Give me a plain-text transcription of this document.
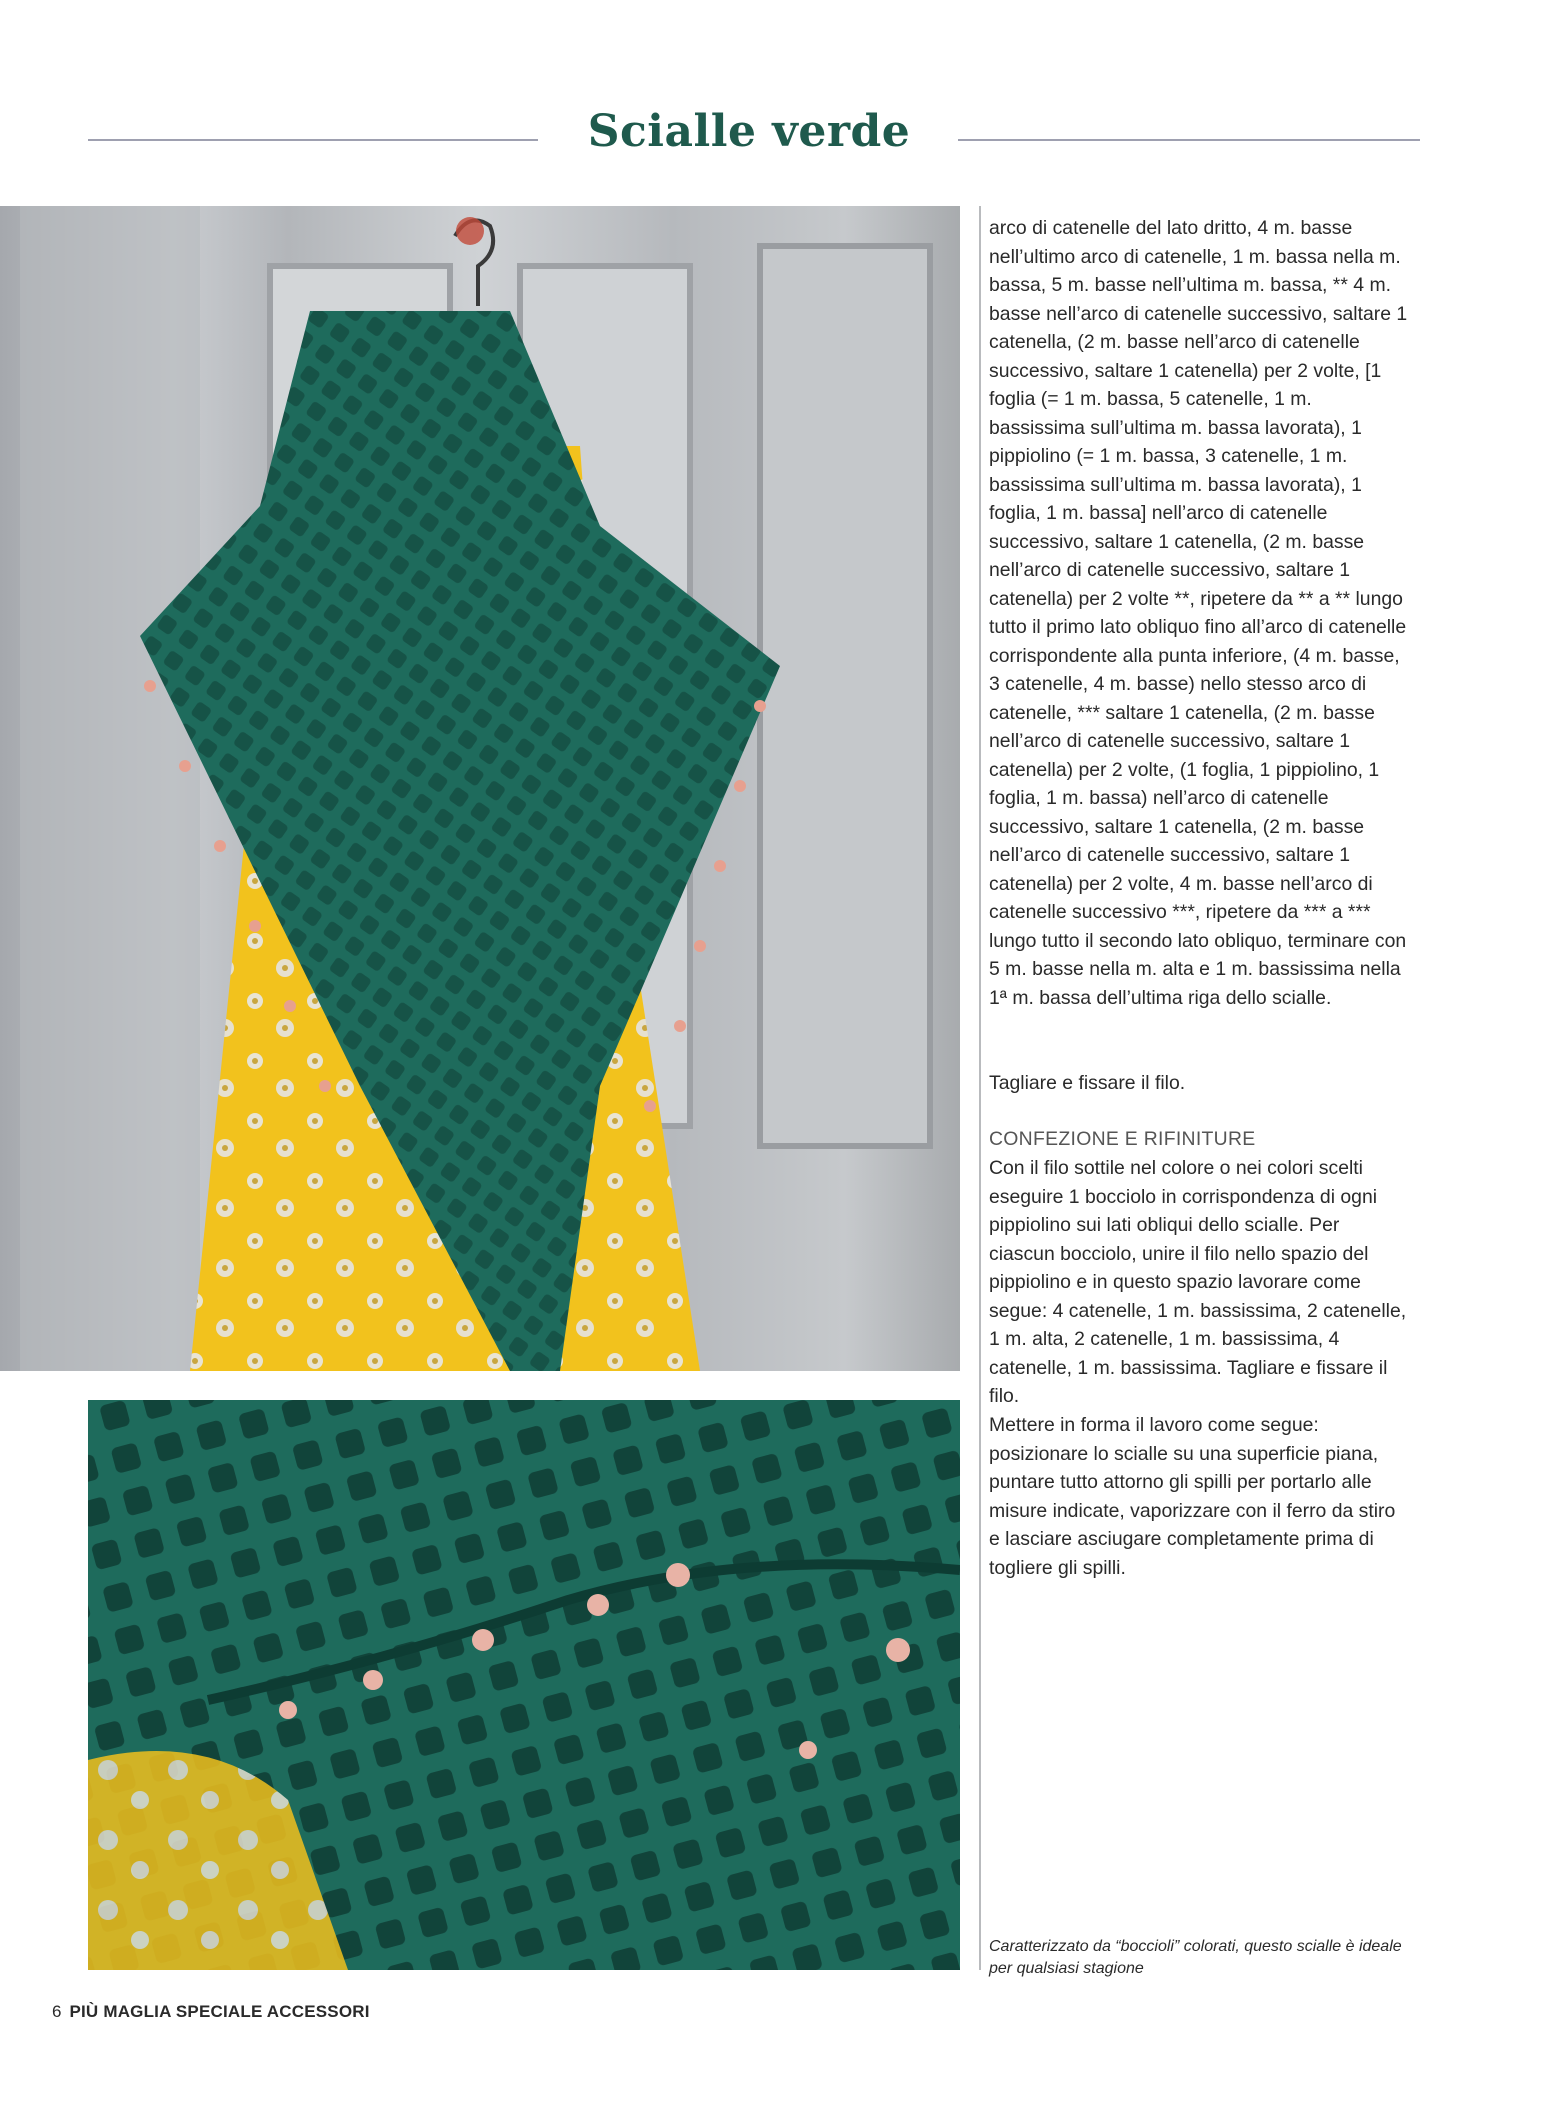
Scialle verde

arco di catenelle del lato dritto, 4 m. basse nell’ultimo arco di catenelle, 1 m. bassa nella m. bassa, 5 m. basse nell’ultima m. bassa, ** 4 m. basse nell’arco di catenelle successivo, saltare 1 catenella, (2 m. basse nell’arco di catenelle successivo, saltare 1 catenella) per 2 volte, [1 foglia (= 1 m. bassa, 5 catenelle, 1 m. bassissima sull’ultima m. bassa lavorata), 1 pippiolino (= 1 m. bassa, 3 catenelle, 1 m. bassissima sull’ultima m. bassa lavorata), 1 foglia, 1 m. bassa] nell’arco di catenelle successivo, saltare 1 catenella, (2 m. basse nell’arco di catenelle successivo, saltare 1 catenella) per 2 volte **, ripetere da ** a ** lungo tutto il primo lato obliquo fino all’arco di catenelle corrispondente alla punta inferiore, (4 m. basse, 3 catenelle, 4 m. basse) nello stesso arco di catenelle, *** saltare 1 catenella, (2 m. basse nell’arco di catenelle successivo, saltare 1 catenella) per 2 volte, (1 foglia, 1 pippiolino, 1 foglia, 1 m. bassa) nell’arco di catenelle successivo, saltare 1 catenella, (2 m. basse nell’arco di catenelle successivo, saltare 1 catenella) per 2 volte, 4 m. basse nell’arco di catenelle successivo ***, ripetere da *** a *** lungo tutto il secondo lato obliquo, terminare con 5 m. basse nella m. alta e 1 m. bassissima nella 1ª m. bassa dell’ultima riga dello scialle.

Tagliare e fissare il filo.

CONFEZIONE E RIFINITURE

Con il filo sottile nel colore o nei colori scelti eseguire 1 bocciolo in corrispondenza di ogni pippiolino sui lati obliqui dello scialle. Per ciascun bocciolo, unire il filo nello spazio del pippiolino e in questo spazio lavorare come segue: 4 catenelle, 1 m. bassissima, 2 catenelle, 1 m. alta, 2 catenelle, 1 m. bassissima, 4 catenelle, 1 m. bassissima. Tagliare e fissare il filo.

Mettere in forma il lavoro come segue: posizionare lo scialle su una superficie piana, puntare tutto attorno gli spilli per portarlo alle misure indicate, vaporizzare con il ferro da stiro e lasciare asciugare completamente prima di togliere gli spilli.

Caratterizzato da “boccioli” colorati, questo scialle è ideale per qualsiasi stagione
6 PIÙ MAGLIA SPECIALE ACCESSORI
